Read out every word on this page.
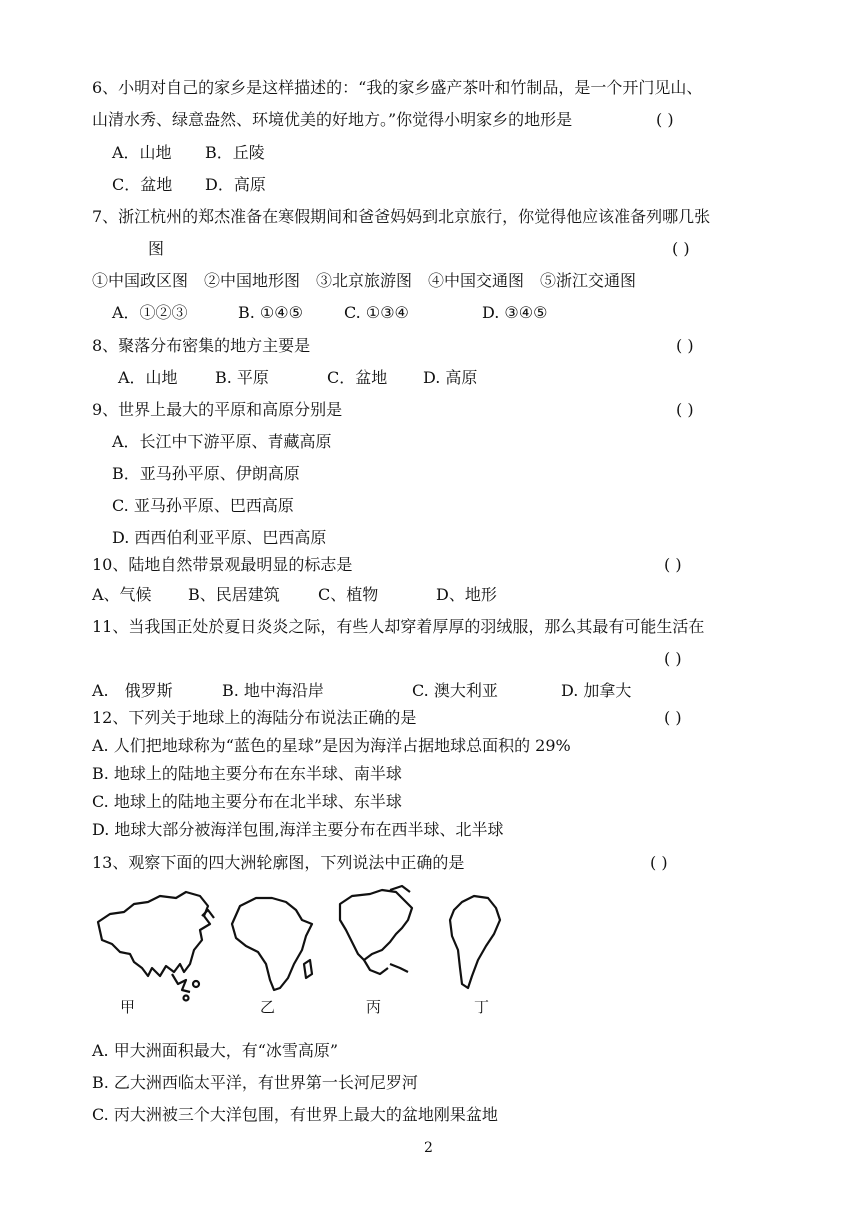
6、小明对自己的家乡是这样描述的：“我的家乡盛产茶叶和竹制品，是一个开门见山、
山清水秀、绿意盎然、环境优美的好地方。”你觉得小明家乡的地形是	( )
A．山地 B．丘陵
C．盆地 D．高原
7、浙江杭州的郑杰准备在寒假期间和爸爸妈妈到北京旅行，你觉得他应该准备列哪几张
图	( )
①中国政区图　②中国地形图　③北京旅游图　④中国交通图　⑤浙江交通图
A．①②③	B. ①④⑤	C. ①③④	D. ③④⑤
8、聚落分布密集的地方主要是	( )
A．山地 B. 平原	C．盆地 D. 高原
9、世界上最大的平原和高原分别是	( )
A．长江中下游平原、青藏高原
B．亚马孙平原、伊朗高原
C. 亚马孙平原、巴西高原
D. 西西伯利亚平原、巴西高原
10、陆地自然带景观最明显的标志是	( )
A、气候 B、民居建筑 C、植物	D、地形
11、当我国正处於夏日炎炎之际，有些人却穿着厚厚的羽绒服，那么其最有可能生活在
( )
A.　俄罗斯	B. 地中海沿岸	C. 澳大利亚	D. 加拿大
12、下列关于地球上的海陆分布说法正确的是	( )
A. 人们把地球称为“蓝色的星球”是因为海洋占据地球总面积的 29%
B. 地球上的陆地主要分布在东半球、南半球
C. 地球上的陆地主要分布在北半球、东半球
D. 地球大部分被海洋包围,海洋主要分布在西半球、北半球
13、观察下面的四大洲轮廓图，下列说法中正确的是	( )
甲	乙	丙	丁
A. 甲大洲面积最大，有“冰雪高原”
B. 乙大洲西临太平洋，有世界第一长河尼罗河
C. 丙大洲被三个大洋包围，有世界上最大的盆地刚果盆地
2
